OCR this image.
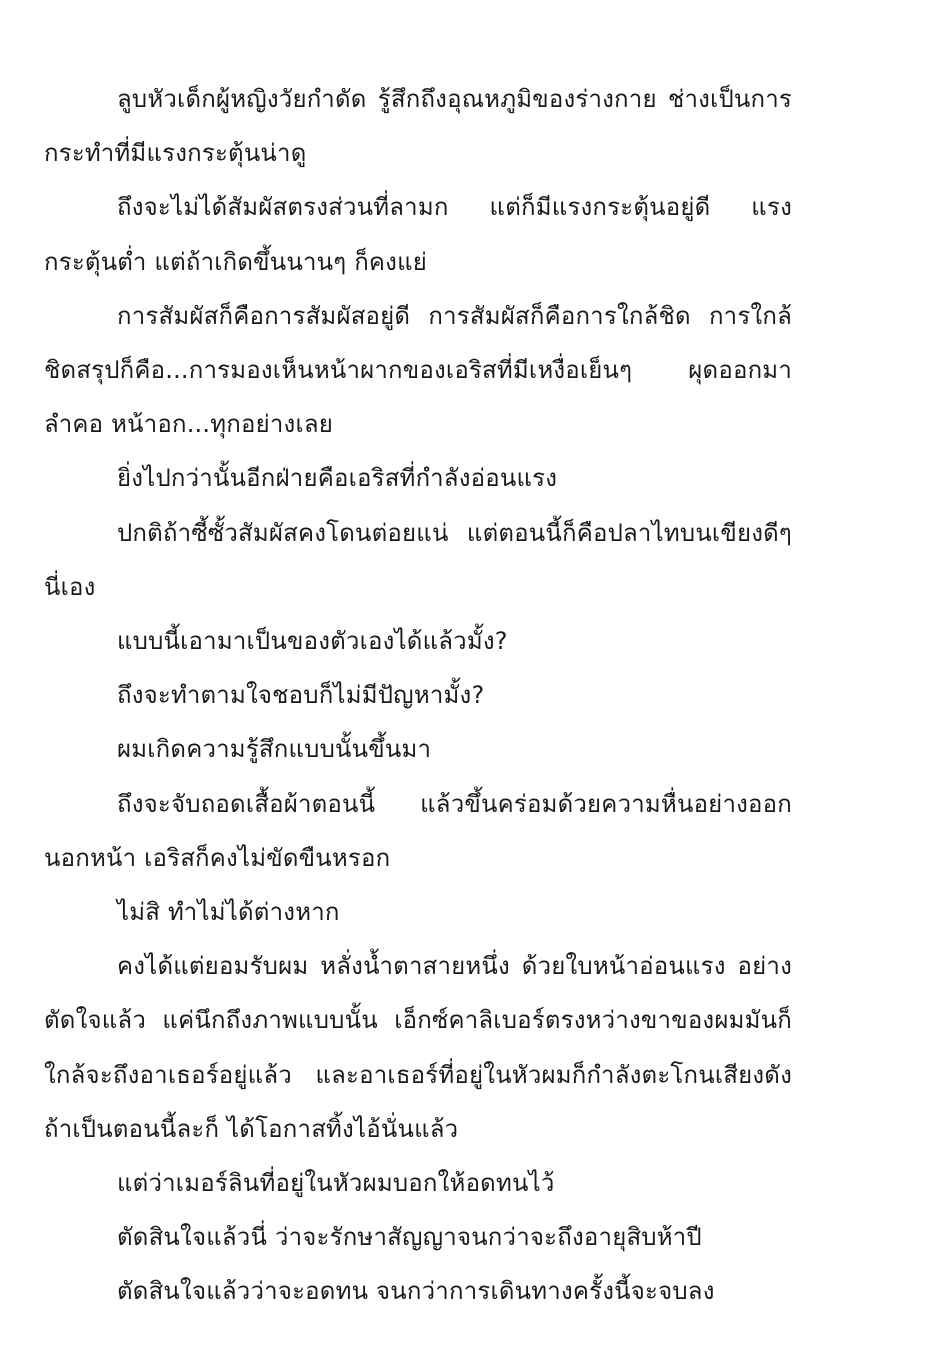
ลูบหัวเด็กผู้หญิงวัยกำดัด รู้สึกถึงอุณหภูมิของร่างกาย ช่างเป็นการกระทำที่มีแรงกระตุ้นน่าดู

ถึงจะไม่ได้สัมผัสตรงส่วนที่ลามก แต่ก็มีแรงกระตุ้นอยู่ดี แรงกระตุ้นต่ำ แต่ถ้าเกิดขึ้นนานๆ ก็คงแย่

การสัมผัสก็คือการสัมผัสอยู่ดี การสัมผัสก็คือการใกล้ชิด การใกล้ชิดสรุปก็คือ...การมองเห็นหน้าผากของเอริสที่มีเหงื่อเย็นๆ ผุดออกมา ลำคอ หน้าอก...ทุกอย่างเลย

ยิ่งไปกว่านั้นอีกฝ่ายคือเอริสที่กำลังอ่อนแรง

ปกติถ้าซี้ซั้วสัมผัสคงโดนต่อยแน่ แต่ตอนนี้ก็คือปลาไทบนเขียงดีๆ นี่เอง

แบบนี้เอามาเป็นของตัวเองได้แล้วมั้ง?

ถึงจะทำตามใจชอบก็ไม่มีปัญหามั้ง?

ผมเกิดความรู้สึกแบบนั้นขึ้นมา

ถึงจะจับถอดเสื้อผ้าตอนนี้ แล้วขึ้นคร่อมด้วยความหื่นอย่างออกนอกหน้า เอริสก็คงไม่ขัดขืนหรอก

ไม่สิ ทำไม่ได้ต่างหาก

คงได้แต่ยอมรับผม หลั่งน้ำตาสายหนึ่ง ด้วยใบหน้าอ่อนแรง อย่างตัดใจแล้ว แค่นึกถึงภาพแบบนั้น เอ็กซ์คาลิเบอร์ตรงหว่างขาของผมมันก็ใกล้จะถึงอาเธอร์อยู่แล้ว และอาเธอร์ที่อยู่ในหัวผมก็กำลังตะโกนเสียงดังถ้าเป็นตอนนี้ละก็ ได้โอกาสทิ้งไอ้นั่นแล้ว

แต่ว่าเมอร์ลินที่อยู่ในหัวผมบอกให้อดทนไว้

ตัดสินใจแล้วนี่ ว่าจะรักษาสัญญาจนกว่าจะถึงอายุสิบห้าปี

ตัดสินใจแล้วว่าจะอดทน จนกว่าการเดินทางครั้งนี้จะจบลง
